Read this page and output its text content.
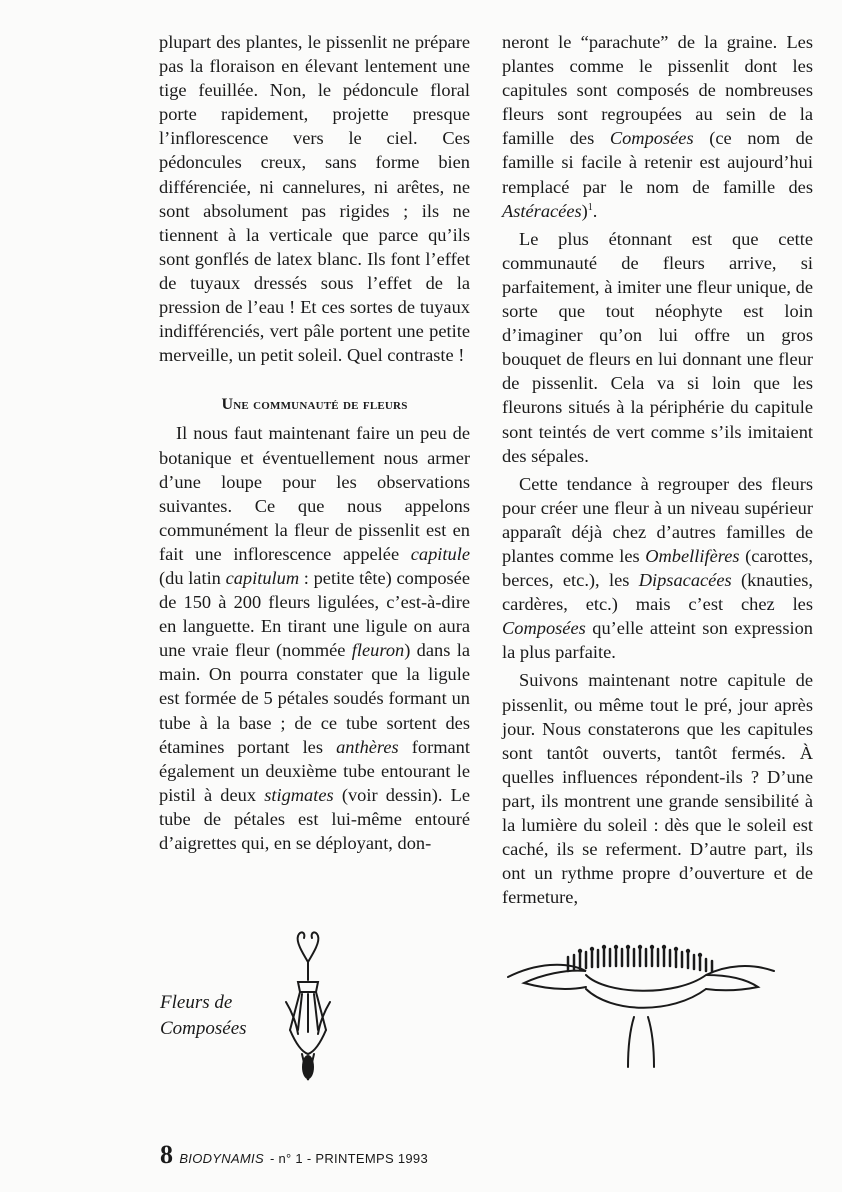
plupart des plantes, le pissenlit ne prépare pas la floraison en élevant lentement une tige feuillée. Non, le pédoncule floral porte rapidement, projette presque l’inflorescence vers le ciel. Ces pédoncules creux, sans forme bien différenciée, ni cannelures, ni arêtes, ne sont absolument pas rigides ; ils ne tiennent à la verticale que parce qu’ils sont gonflés de latex blanc. Ils font l’effet de tuyaux dressés sous l’effet de la pression de l’eau ! Et ces sortes de tuyaux indifférenciés, vert pâle portent une petite merveille, un petit soleil. Quel contraste !

Une communauté de fleurs

Il nous faut maintenant faire un peu de botanique et éventuellement nous armer d’une loupe pour les observations suivantes. Ce que nous appelons communément la fleur de pissenlit est en fait une inflorescence appelée capitule (du latin capitulum : petite tête) composée de 150 à 200 fleurs ligulées, c’est-à-dire en languette. En tirant une ligule on aura une vraie fleur (nommée fleuron) dans la main. On pourra constater que la ligule est formée de 5 pétales soudés formant un tube à la base ; de ce tube sortent des étamines portant les anthères formant également un deuxième tube entourant le pistil à deux stigmates (voir dessin). Le tube de pétales est lui-même entouré d’aigrettes qui, en se déployant, don-

neront le “parachute” de la graine. Les plantes comme le pissenlit dont les capitules sont composés de nombreuses fleurs sont regroupées au sein de la famille des Composées (ce nom de famille si facile à retenir est aujourd’hui remplacé par le nom de famille des Astéracées)$^1$.

Le plus étonnant est que cette communauté de fleurs arrive, si parfaitement, à imiter une fleur unique, de sorte que tout néophyte est loin d’imaginer qu’on lui offre un gros bouquet de fleurs en lui donnant une fleur de pissenlit. Cela va si loin que les fleurons situés à la périphérie du capitule sont teintés de vert comme s’ils imitaient des sépales.

Cette tendance à regrouper des fleurs pour créer une fleur à un niveau supérieur apparaît déjà chez d’autres familles de plantes comme les Ombellifères (carottes, berces, etc.), les Dipsacacées (knauties, cardères, etc.) mais c’est chez les Composées qu’elle atteint son expression la plus parfaite.

Suivons maintenant notre capitule de pissenlit, ou même tout le pré, jour après jour. Nous constaterons que les capitules sont tantôt ouverts, tantôt fermés. À quelles influences répondent-ils ? D’une part, ils montrent une grande sensibilité à la lumière du soleil : dès que le soleil est caché, ils se referment. D’autre part, ils ont un rythme propre d’ouverture et de fermeture,

Fleurs de
Composées
8 BIODYNAMIS - n° 1 - PRINTEMPS 1993
